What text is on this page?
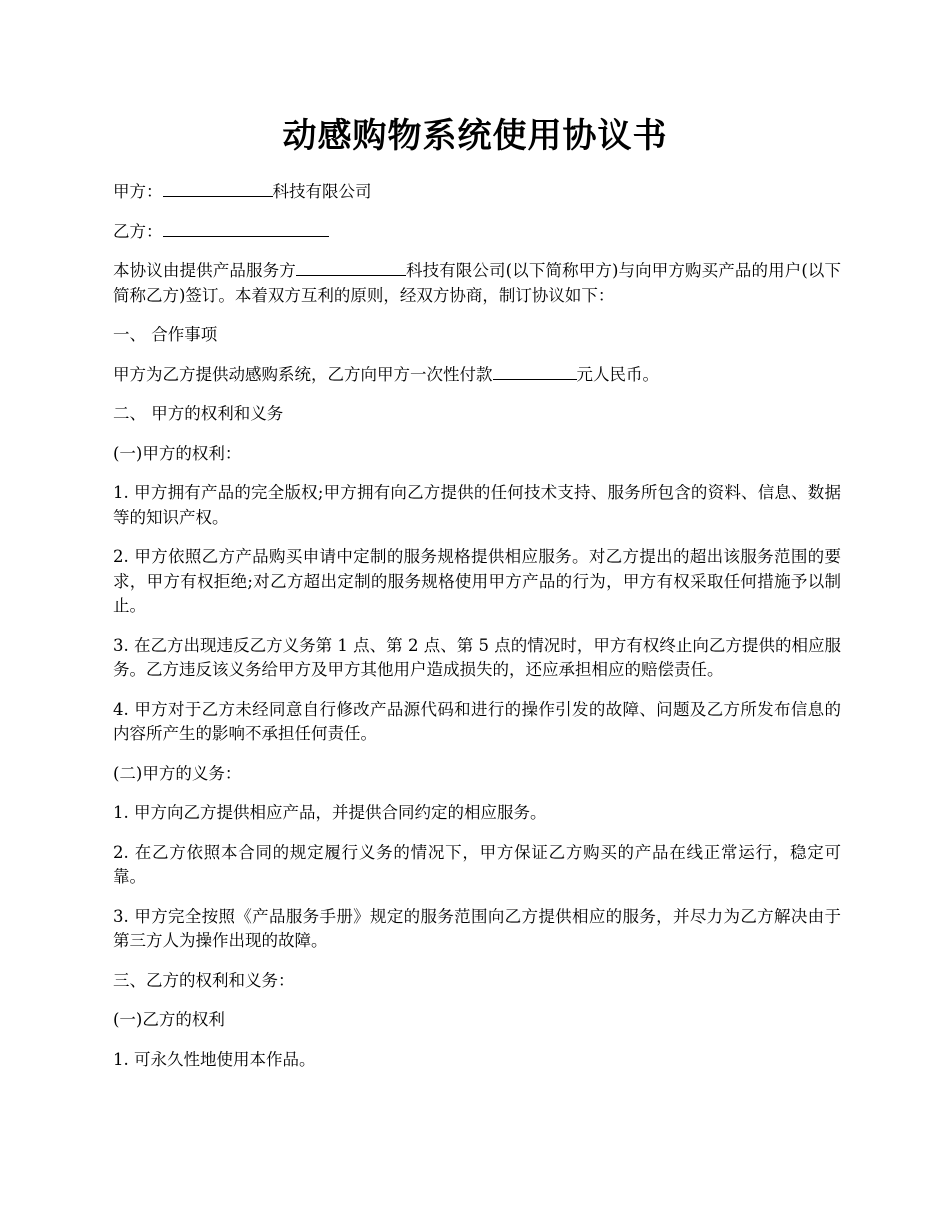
动感购物系统使用协议书

甲方：	科技有限公司

乙方：

本协议由提供产品服务方	科技有限公司(以下简称甲方)与向甲方购买产品的用户(以下简称乙方)签订。本着双方互利的原则，经双方协商，制订协议如下：

一、 合作事项

甲方为乙方提供动感购系统，乙方向甲方一次性付款	元人民币。

二、 甲方的权利和义务

(一)甲方的权利：

1. 甲方拥有产品的完全版权;甲方拥有向乙方提供的任何技术支持、服务所包含的资料、信息、数据等的知识产权。

2. 甲方依照乙方产品购买申请中定制的服务规格提供相应服务。对乙方提出的超出该服务范围的要求，甲方有权拒绝;对乙方超出定制的服务规格使用甲方产品的行为，甲方有权采取任何措施予以制止。

3. 在乙方出现违反乙方义务第 1 点、第 2 点、第 5 点的情况时，甲方有权终止向乙方提供的相应服务。乙方违反该义务给甲方及甲方其他用户造成损失的，还应承担相应的赔偿责任。

4. 甲方对于乙方未经同意自行修改产品源代码和进行的操作引发的故障、问题及乙方所发布信息的内容所产生的影响不承担任何责任。

(二)甲方的义务：

1. 甲方向乙方提供相应产品，并提供合同约定的相应服务。

2. 在乙方依照本合同的规定履行义务的情况下，甲方保证乙方购买的产品在线正常运行，稳定可靠。

3. 甲方完全按照《产品服务手册》规定的服务范围向乙方提供相应的服务，并尽力为乙方解决由于第三方人为操作出现的故障。

三、乙方的权利和义务：

(一)乙方的权利

1. 可永久性地使用本作品。
